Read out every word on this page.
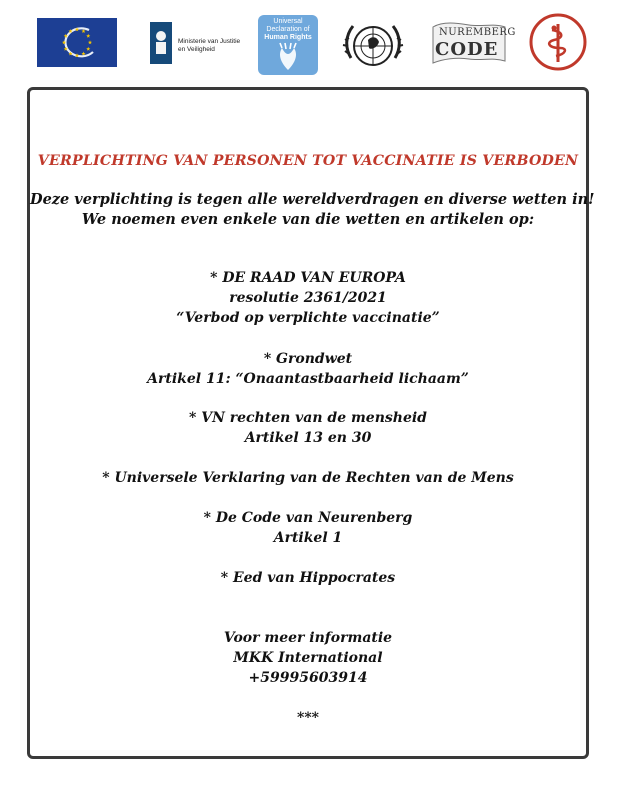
Ministerie van Justitie
en Veiligheid
Universal
Declaration of
Human Rights	NUREMBERG
CODE
VERPLICHTING VAN PERSONEN TOT VACCINATIE IS VERBODEN
Deze verplichting is tegen alle wereldverdragen en diverse wetten in!
We noemen even enkele van die wetten en artikelen op:
* DE RAAD VAN EUROPA
resolutie 2361/2021
“Verbod op verplichte vaccinatie”
* Grondwet
Artikel 11: “Onaantastbaarheid lichaam”
* VN rechten van de mensheid
Artikel 13 en 30
* Universele Verklaring van de Rechten van de Mens
* De Code van Neurenberg
Artikel 1
* Eed van Hippocrates
Voor meer informatie
MKK International
+59995603914
***
